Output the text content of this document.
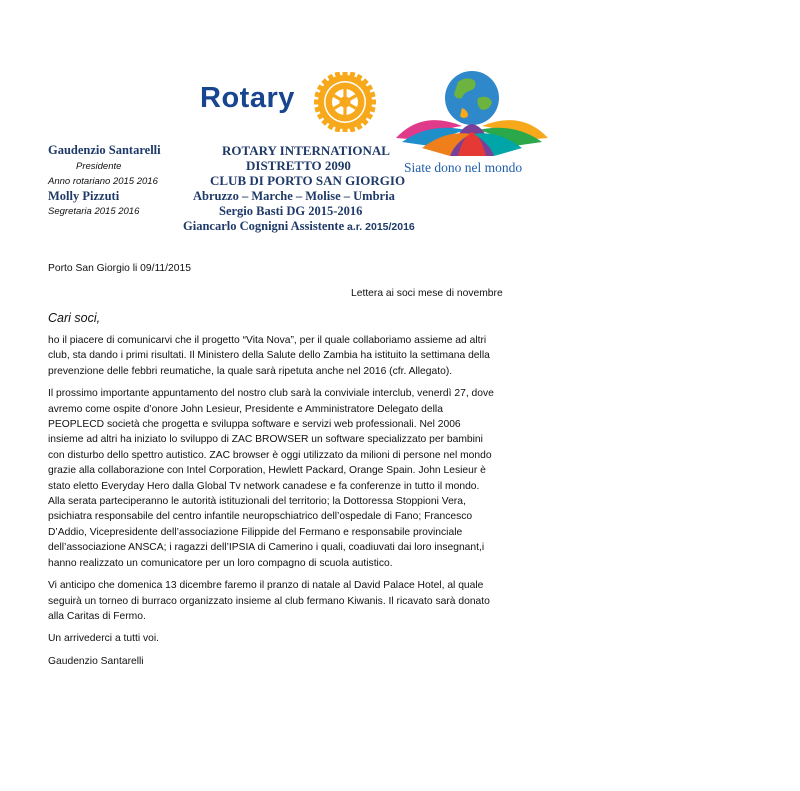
Rotary
Siate dono nel mondo
Gaudenzio Santarelli
Presidente
Anno rotariano 2015 2016
Molly Pizzuti
Segretaria 2015 2016
ROTARY INTERNATIONAL
DISTRETTO 2090
CLUB DI PORTO SAN GIORGIO
Abruzzo – Marche – Molise – Umbria
Sergio Basti DG 2015-2016
Giancarlo Cognigni Assistente a.r. 2015/2016
Porto San Giorgio li 09/11/2015
Lettera ai soci mese di novembre
Cari soci,

ho il piacere di comunicarvi che il progetto “Vita Nova”, per il quale collaboriamo assieme ad altri club, sta dando i primi risultati. Il Ministero della Salute dello Zambia ha istituito la settimana della prevenzione delle febbri reumatiche, la quale sarà ripetuta anche nel 2016 (cfr. Allegato).

Il prossimo importante appuntamento del nostro club sarà la conviviale interclub, venerdì 27, dove avremo come ospite d’onore John Lesieur, Presidente e Amministratore Delegato della PEOPLECD società che progetta e sviluppa software e servizi web professionali. Nel 2006 insieme ad altri ha iniziato lo sviluppo di ZAC BROWSER un software specializzato per bambini con disturbo dello spettro autistico. ZAC browser è oggi utilizzato da milioni di persone nel mondo grazie alla collaborazione con Intel Corporation, Hewlett Packard, Orange Spain. John Lesieur è stato eletto Everyday Hero dalla Global Tv network canadese e fa conferenze in tutto il mondo. Alla serata parteciperanno le autorità istituzionali del territorio; la Dottoressa Stoppioni Vera, psichiatra responsabile del centro infantile neuropschiatrico dell’ospedale di Fano; Francesco D’Addio, Vicepresidente dell’associazione Filippide del Fermano e responsabile provinciale dell’associazione ANSCA; i ragazzi dell’IPSIA di Camerino i quali, coadiuvati dai loro insegnant,i hanno realizzato un comunicatore per un loro compagno di scuola autistico.

Vi anticipo che domenica 13 dicembre faremo il pranzo di natale al David Palace Hotel, al quale seguirà un torneo di burraco organizzato insieme al club fermano Kiwanis. Il ricavato sarà donato alla Caritas di Fermo.

Un arrivederci a tutti voi.

Gaudenzio Santarelli
